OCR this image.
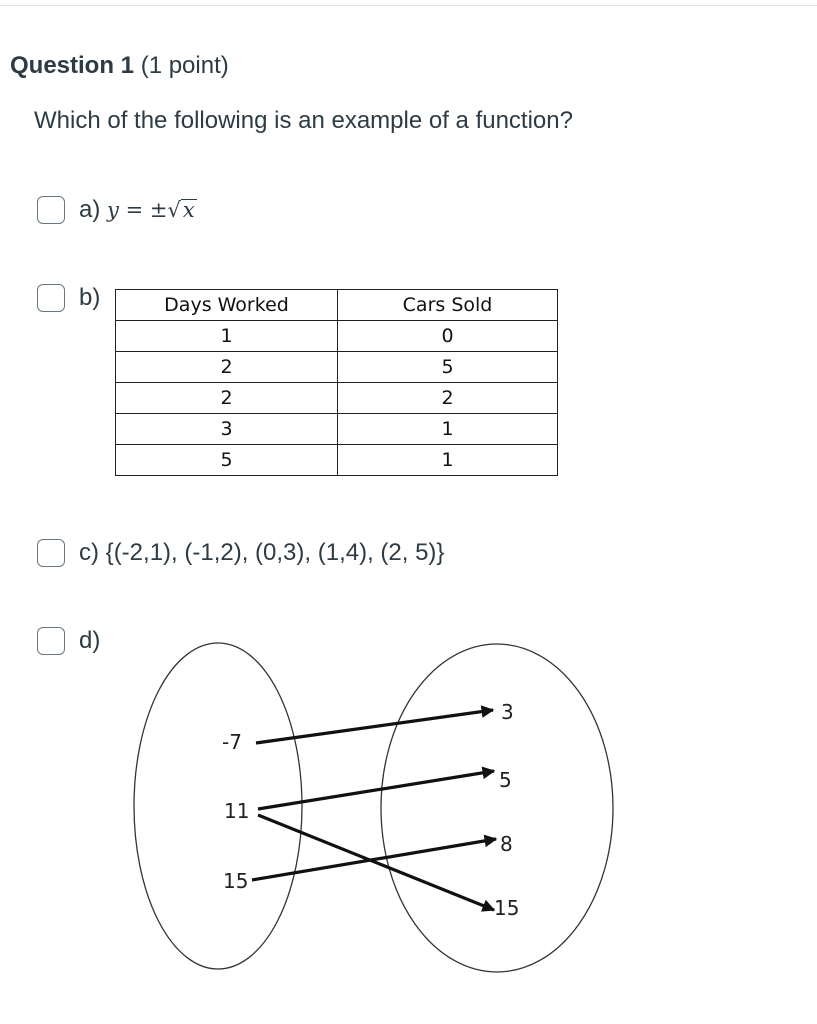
Question 1 (1 point)
Which of the following is an example of a function?
a) y = ±√x
b)	Days Worked	Cars Sold
1	0
2	5
2	2
3	1
5	1
c) {(-2,1), (-1,2), (0,3), (1,4), (2, 5)}
d)
-7
11
15
3
5
8
15
